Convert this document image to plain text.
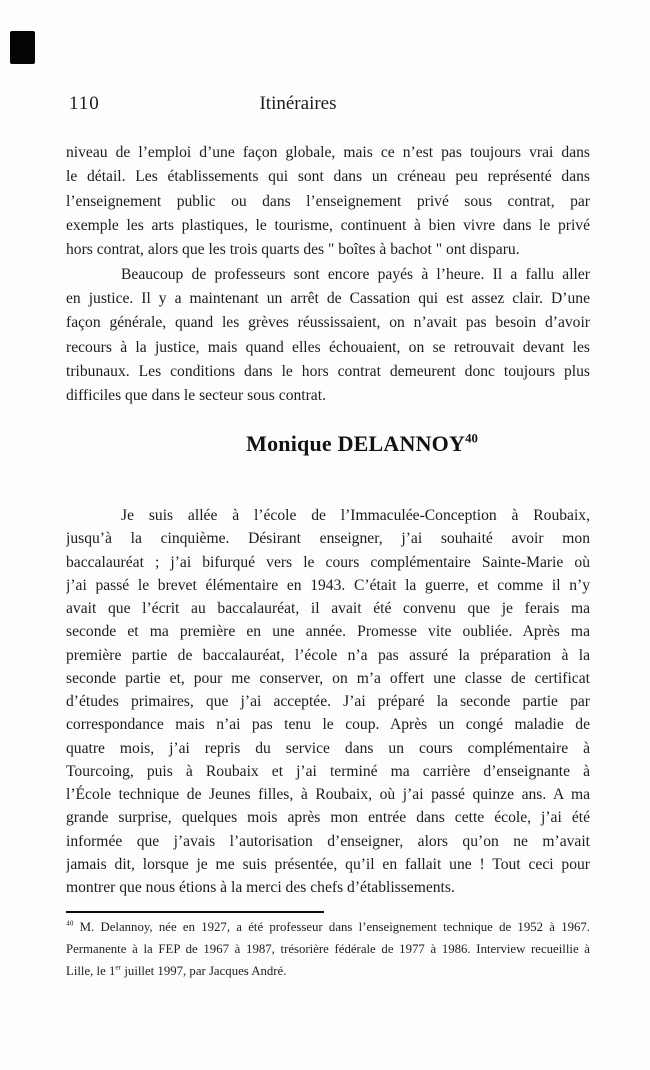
110	Itinéraires
niveau de l’emploi d’une façon globale, mais ce n’est pas toujours vrai dans
le détail. Les établissements qui sont dans un créneau peu représenté dans
l’enseignement public ou dans l’enseignement privé sous contrat, par
exemple les arts plastiques, le tourisme, continuent à bien vivre dans le privé
hors contrat, alors que les trois quarts des " boîtes à bachot " ont disparu.
Beaucoup de professeurs sont encore payés à l’heure. Il a fallu aller
en justice. Il y a maintenant un arrêt de Cassation qui est assez clair. D’une
façon générale, quand les grèves réussissaient, on n’avait pas besoin d’avoir
recours à la justice, mais quand elles échouaient, on se retrouvait devant les
tribunaux. Les conditions dans le hors contrat demeurent donc toujours plus
difficiles que dans le secteur sous contrat.
Monique DELANNOY$^{40}$
Je suis allée à l’école de l’Immaculée-Conception à Roubaix,
jusqu’à la cinquième. Désirant enseigner, j’ai souhaité avoir mon
baccalauréat ; j’ai bifurqué vers le cours complémentaire Sainte-Marie où
j’ai passé le brevet élémentaire en 1943. C’était la guerre, et comme il n’y
avait que l’écrit au baccalauréat, il avait été convenu que je ferais ma
seconde et ma première en une année. Promesse vite oubliée. Après ma
première partie de baccalauréat, l’école n’a pas assuré la préparation à la
seconde partie et, pour me conserver, on m’a offert une classe de certificat
d’études primaires, que j’ai acceptée. J’ai préparé la seconde partie par
correspondance mais n’ai pas tenu le coup. Après un congé maladie de
quatre mois, j’ai repris du service dans un cours complémentaire à
Tourcoing, puis à Roubaix et j’ai terminé ma carrière d’enseignante à
l’École technique de Jeunes filles, à Roubaix, où j’ai passé quinze ans. A ma
grande surprise, quelques mois après mon entrée dans cette école, j’ai été
informée que j’avais l’autorisation d’enseigner, alors qu’on ne m’avait
jamais dit, lorsque je me suis présentée, qu’il en fallait une ! Tout ceci pour
montrer que nous étions à la merci des chefs d’établissements.
$^{40}$ M. Delannoy, née en 1927, a été professeur dans l’enseignement technique de 1952 à 1967.
Permanente à la FEP de 1967 à 1987, trésorière fédérale de 1977 à 1986. Interview recueillie à
Lille, le 1er juillet 1997, par Jacques André.
